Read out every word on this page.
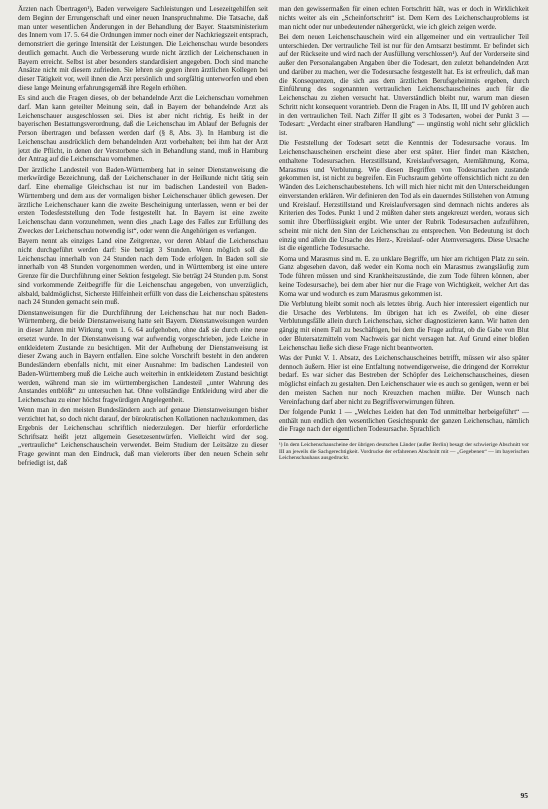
Ärzten nach Übertragen¹), Baden verweigere Sachleistungen und Lesezeitgehilfen seit dem Beginn der Errungenschaft und einer neuen Inanspruchnahme. Die Tatsache, daß man unter wesentlichen Änderungen in der Behandlung der Bayer. Staatsministerium des Innern vom 17. 5. 64 die Ordnungen immer noch einer der Nachkriegszeit entsprach, demonstriert die geringe Intensität der Leistungen. Die Leichenschau wurde besonders deutlich gemacht. Auch die Verbesserung wurde nicht ärztlich der Leichenschauen in Bayern erreicht. Selbst ist aber besonders standardisiert angegeben. Doch sind manche Ansätze nicht mit diesem zufrieden. Sie lehren sie gegen ihren ärztlichen Kollegen bei dieser Tätigkeit vor, weil ihnen die Arzt persönlich und sorgfältig unterworfen und eben diese lange Meinung erfahrungsgemäß ihre Regeln erhöhen.

Es sind auch die Fragen dieses, ob der behandelnde Arzt die Leichenschau vornehmen darf. Man kann geteilter Meinung sein, daß in Bayern der behandelnde Arzt als Leichenschauer ausgeschlossen sei. Dies ist aber nicht richtig. Es heißt in der bayerischen Bestattungsverordnung, daß die Leichenschau im Ablauf der Befugnis der Person übertragen und befassen werden darf (§ 8, Abs. 3). In Hamburg ist die Leichenschau ausdrücklich dem behandelnden Arzt vorbehalten; bei ihm hat der Arzt jetzt die Pflicht, in denen der Verstorbene sich in Behandlung stand, muß in Hamburg der Antrag auf die Leichenschau vornehmen.

Der ärztliche Landesteil von Baden-Württemberg hat in seiner Dienstanweisung die merkwürdige Bezeichnung, daß der Leichenschauer in der Heilkunde nicht tätig sein darf. Eine ehemalige Gleichschau ist nur im badischen Landesteil von Baden-Württemberg und dem aus der vormaligen bisher Leichenschauer üblich gewesen. Der ärztliche Leichenschauer kann die zweite Bescheinigung unterlassen, wenn er bei der ersten Todesfeststellung den Tode festgestellt hat. In Bayern ist eine zweite Leichenschau dann vorzunehmen, wenn dies „nach Lage des Falles zur Erfüllung des Zweckes der Leichenschau notwendig ist“, oder wenn die Angehörigen es verlangen.

Bayern nennt als einziges Land eine Zeitgrenze, vor deren Ablauf die Leichenschau nicht durchgeführt werden darf: Sie beträgt 3 Stunden. Wenn möglich soll die Leichenschau innerhalb von 24 Stunden nach dem Tode erfolgen. In Baden soll sie innerhalb von 48 Stunden vorgenommen werden, und in Württemberg ist eine untere Grenze für die Durchführung einer Sektion festgelegt. Sie beträgt 24 Stunden p.m. Sonst sind vorkommende Zeitbegriffe für die Leichenschau angegeben, von unverzüglich, alsbald, baldmöglichst, Sicherste Hilfeinheit erfüllt von dass die Leichenschau spätestens nach 24 Stunden gemacht sein muß.

Dienstanweisungen für die Durchführung der Leichenschau hat nur noch Baden-Württemberg, die beide Dienstanweisung hatte seit Bayern. Dienstanweisungen wurden in dieser Jahren mit Wirkung vom 1. 6. 64 aufgehoben, ohne daß sie durch eine neue ersetzt wurde. In der Dienstanweisung war aufwendig vorgeschrieben, jede Leiche in entkleidetem Zustande zu besichtigen. Mit der Aufhebung der Dienstanweisung ist dieser Zwang auch in Bayern entfallen. Eine solche Vorschrift besteht in den anderen Bundesländern ebenfalls nicht, mit einer Ausnahme: Im badischen Landesteil von Baden-Württemberg muß die Leiche auch weiterhin in entkleidetem Zustand besichtigt werden, während man sie im württembergischen Landesteil „unter Wahrung des Anstandes entblößt“ zu untersuchen hat. Ohne vollständige Entkleidung wird aber die Leichenschau zu einer höchst fragwürdigen Angelegenheit.

Wenn man in den meisten Bundesländern auch auf genaue Dienstanweisungen bisher verzichtet hat, so doch nicht darauf, der bürokratischen Kollationen nachzukommen, das Ergebnis der Leichenschau schriftlich niederzulegen. Der hierfür erforderliche Schriftsatz heißt jetzt allgemein Gesetzesentwürfen. Vielleicht wird der sog. „vertrauliche“ Leichenschauschein verwendet. Beim Studium der Leitsätze zu dieser Frage gewinnt man den Eindruck, daß man vielerorts über den neuen Schein sehr befriedigt ist, daß

man den gewissermaßen für einen echten Fortschritt hält, was er doch in Wirklichkeit nichts weiter als ein „Scheinfortschritt“ ist. Dem Kern des Leichenschauproblems ist man nicht oder nur unbedeutender nähergerückt, wie ich gleich zeigen werde.

Bei dem neuen Leichenschauschein wird ein allgemeiner und ein vertraulicher Teil unterschieden. Der vertrauliche Teil ist nur für den Amtsarzt bestimmt. Er befindet sich auf der Rückseite und wird nach der Ausfüllung verschlossen¹). Auf der Vorderseite sind außer den Personalangaben Angaben über die Todesart, den zuletzt behandelnden Arzt und darüber zu machen, wer die Todesursache festgestellt hat. Es ist erfreulich, daß man die Konsequenzen, die sich aus dem ärztlichen Berufsgeheimnis ergeben, durch Einführung des sogenannten vertraulichen Leichenschauscheines auch für die Leichenschau zu ziehen versucht hat. Unverständlich bleibt nur, warum man diesen Schritt nicht konsequent vorantrieb. Denn die Fragen in Abs. II, III und IV gehören auch in den vertraulichen Teil. Nach Ziffer II gibt es 3 Todesarten, wobei der Punkt 3 — Todesart: „Verdacht einer strafbaren Handlung“ — ungünstig wohl nicht sehr glücklich ist.

Die Feststellung der Todesart setzt die Kenntnis der Todesursache voraus. Im Leichenschauscheinen erscheint diese aber erst später. Hier findet man Kästchen, enthaltene Todesursachen. Herzstillstand, Kreislaufversagen, Atemlähmung, Koma, Marasmus und Verblutung. Wie diesen Begriffen von Todesursachen zustande gekommen ist, ist nicht zu begreifen. Ein Fuchsraum gehörte offensichtlich nicht zu den Wänden des Leichenschaubestehens. Ich will mich hier nicht mit den Unterscheidungen einverstanden erklären. Wir definieren den Tod als ein dauerndes Stillstehen von Atmung und Kreislauf. Herzstillstand und Kreislaufversagen sind demnach nichts anderes als Kriterien des Todes. Punkt 1 und 2 müßten daher stets angekreuzt werden, woraus sich somit ihre Überflüssigkeit ergibt. Wie unter der Rubrik Todesursachen aufzuführen, scheint mir nicht den Sinn der Leichenschau zu entsprechen. Von Bedeutung ist doch einzig und allein die Ursache des Herz-, Kreislauf- oder Atemversagens. Diese Ursache ist die eigentliche Todesursache.

Koma und Marasmus sind m. E. zu unklare Begriffe, um hier am richtigen Platz zu sein. Ganz abgesehen davon, daß weder ein Koma noch ein Marasmus zwangsläufig zum Tode führen müssen und sind Krankheitszustände, die zum Tode führen können, aber keine Todesursache), bei dem aber hier nur die Frage von Wichtigkeit, welcher Art das Koma war und wodurch es zum Marasmus gekommen ist.

Die Verblutung bleibt somit noch als letztes übrig. Auch hier interessiert eigentlich nur die Ursache des Verblutens. Im übrigen hat ich es Zweifel, ob eine dieser Verblutungsfälle allein durch Leichenschau, sicher diagnostizieren kann. Wir hatten den gängig mit einem Fall zu beschäftigen, bei dem die Frage auftrat, ob die Gabe von Blut oder Blutersatzmitteln vom Nachweis gar nicht versagen hat. Auf Grund einer bloßen Leichenschau ließe sich diese Frage nicht beantworten.

Was der Punkt V. 1. Absatz, des Leichenschauscheines betrifft, müssen wir also später dennoch äußern. Hier ist eine Entfaltung notwendigerweise, die dringend der Korrektur bedarf. Es war sicher das Bestreben der Schöpfer des Leichenschauscheines, diesen möglichst einfach zu gestalten. Den Leichenschauer wie es auch so genügen, wenn er bei den meisten Sachen nur noch Kreuzchen machen müßte. Der Wunsch nach Vereinfachung darf aber nicht zu Begriffsverwirrungen führen.

Der folgende Punkt 1 — „Welches Leiden hat den Tod unmittelbar herbeigeführt“ — enthält nun endlich den wesentlichen Gesichtspunkt der ganzen Leichenschau, nämlich die Frage nach der eigentlichen Todesursache. Sprachlich

¹) In dem Leichenschauscheine der übrigen deutschen Länder (außer Berlin) besagt der schwierige Abschnitt vor III an jeweils die Sachgerechtigkeit. Vordrucke der erfahrenen Abschnitt mit — „Gegebenen“ — im bayerischen Leichenschauhaus ausgedruckt.

95
